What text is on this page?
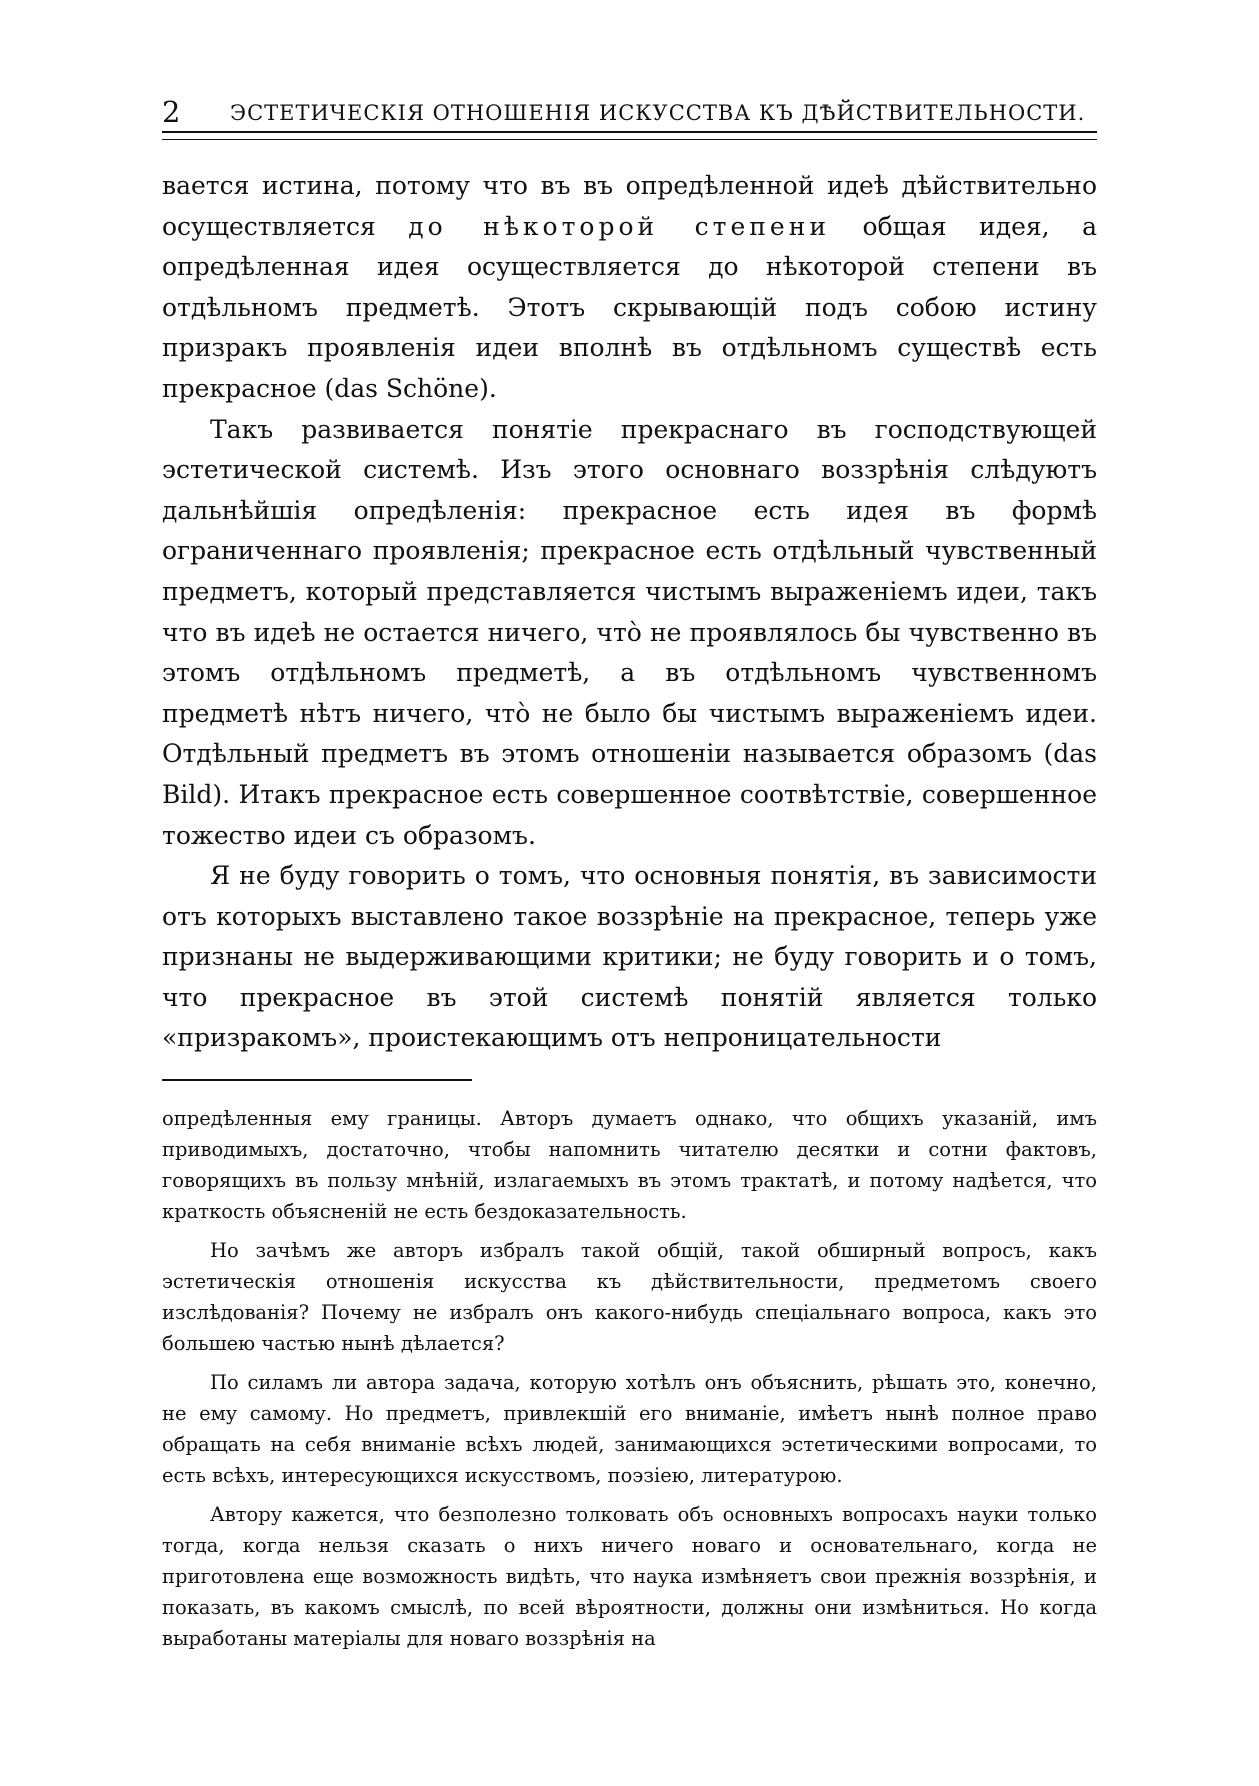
2 ЭСТЕТИЧЕСКІЯ ОТНОШЕНІЯ ИСКУССТВА КЪ ДѢЙСТВИТЕЛЬНОСТИ.

вается истина, потому что въ въ опредѣленной идеѣ дѣйствительно осуществляется до нѣкоторой степени общая идея, а опредѣленная идея осуществляется до нѣкоторой степени въ отдѣльномъ предметѣ. Этотъ скрывающій подъ собою истину призракъ проявленія идеи вполнѣ въ отдѣльномъ существѣ есть прекрасное (das Schöne).

Такъ развивается понятіе прекраснаго въ господствующей эстетической системѣ. Изъ этого основнаго воззрѣнія слѣдуютъ дальнѣйшія опредѣленія: прекрасное есть идея въ формѣ ограниченнаго проявленія; прекрасное есть отдѣльный чувственный предметъ, который представляется чистымъ выраженіемъ идеи, такъ что въ идеѣ не остается ничего, что̀ не проявлялось бы чувственно въ этомъ отдѣльномъ предметѣ, а въ отдѣльномъ чувственномъ предметѣ нѣтъ ничего, что̀ не было бы чистымъ выраженіемъ идеи. Отдѣльный предметъ въ этомъ отношеніи называется образомъ (das Bild). Итакъ прекрасное есть совершенное соотвѣтствіе, совершенное тожество идеи съ образомъ.

Я не буду говорить о томъ, что основныя понятія, въ зависимости отъ которыхъ выставлено такое воззрѣніе на прекрасное, теперь уже признаны не выдерживающими критики; не буду говорить и о томъ, что прекрасное въ этой системѣ понятій является только «призракомъ», проистекающимъ отъ непроницательности

опредѣленныя ему границы. Авторъ думаетъ однако, что общихъ указаній, имъ приводимыхъ, достаточно, чтобы напомнить читателю десятки и сотни фактовъ, говорящихъ въ пользу мнѣній, излагаемыхъ въ этомъ трактатѣ, и потому надѣется, что краткость объясненій не есть бездоказательность.

Но зачѣмъ же авторъ избралъ такой общій, такой обширный вопросъ, какъ эстетическія отношенія искусства къ дѣйствительности, предметомъ своего изслѣдованія? Почему не избралъ онъ какого-нибудь спеціальнаго вопроса, какъ это большею частью нынѣ дѣлается?

По силамъ ли автора задача, которую хотѣлъ онъ объяснить, рѣшать это, конечно, не ему самому. Но предметъ, привлекшій его вниманіе, имѣетъ нынѣ полное право обращать на себя вниманіе всѣхъ людей, занимающихся эстетическими вопросами, то есть всѣхъ, интересующихся искусствомъ, поэзіею, литературою.

Автору кажется, что безполезно толковать объ основныхъ вопросахъ науки только тогда, когда нельзя сказать о нихъ ничего новаго и основательнаго, когда не приготовлена еще возможность видѣть, что наука измѣняетъ свои прежнія воззрѣнія, и показать, въ какомъ смыслѣ, по всей вѣроятности, должны они измѣниться. Но когда выработаны матеріалы для новаго воззрѣнія на
